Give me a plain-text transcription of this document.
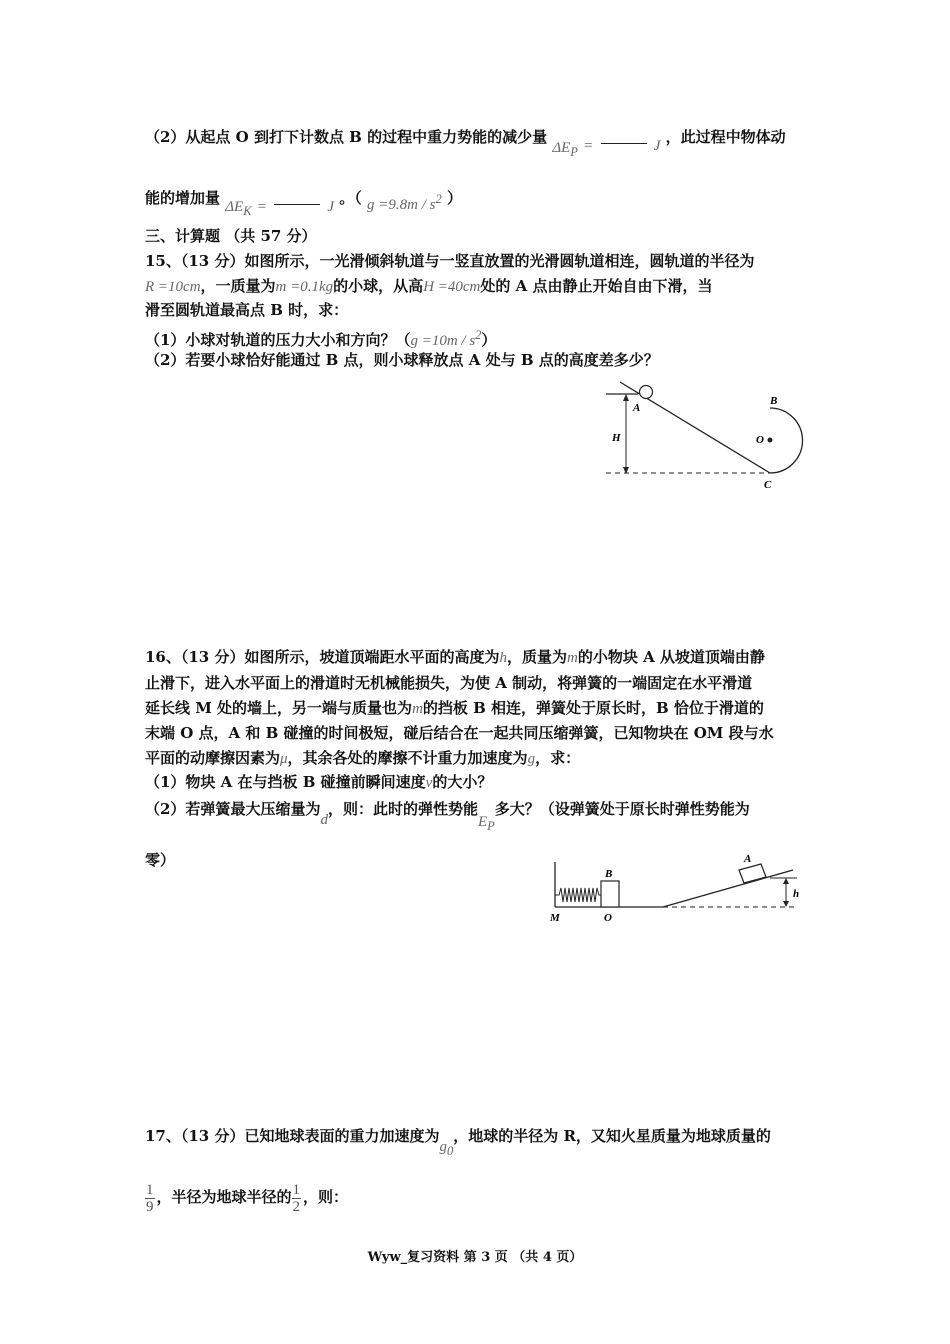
（2）从起点 O 到打下计数点 B 的过程中重力势能的减少量 $\Delta E_P$ =	J ，此过程中物体动
能的增加量 $\Delta E_K$ =	J 。（ $g =9.8m / s^2$ ）
三、计算题 （共 57 分）
15、（13 分）如图所示，一光滑倾斜轨道与一竖直放置的光滑圆轨道相连，圆轨道的半径为
R =10cm，一质量为m =0.1kg的小球，从高H =40cm处的 A 点由静止开始自由下滑，当
滑至圆轨道最高点 B 时，求：
（1）小球对轨道的压力大小和方向？$(g =10m / s^2)$
（2）若要小球恰好能通过 B 点，则小球释放点 A 处与 B 点的高度差多少？
A
H
B
O
C
16、（13 分）如图所示，坡道顶端距水平面的高度为h，质量为m的小物块 A 从坡道顶端由静
止滑下，进入水平面上的滑道时无机械能损失，为使 A 制动，将弹簧的一端固定在水平滑道
延长线 M 处的墙上，另一端与质量也为m的挡板 B 相连，弹簧处于原长时，B 恰位于滑道的
末端 O 点，A 和 B 碰撞的时间极短，碰后结合在一起共同压缩弹簧，已知物块在 OM 段与水
平面的动摩擦因素为μ，其余各处的摩擦不计重力加速度为g，求：
（1）物块 A 在与挡板 B 碰撞前瞬间速度v的大小？
（2）若弹簧最大压缩量为d，则：此时的弹性势能$E_P$多大？（设弹簧处于原长时弹性势能为
零）
B
A
h
M	O
17、（13 分）已知地球表面的重力加速度为$g_0$，地球的半径为 R，又知火星质量为地球质量的
$\frac{1}{9}$ ，半径为地球半径的 $\frac{1}{2}$ ，则：
Wyw_复习资料 第 3 页 （共 4 页）
